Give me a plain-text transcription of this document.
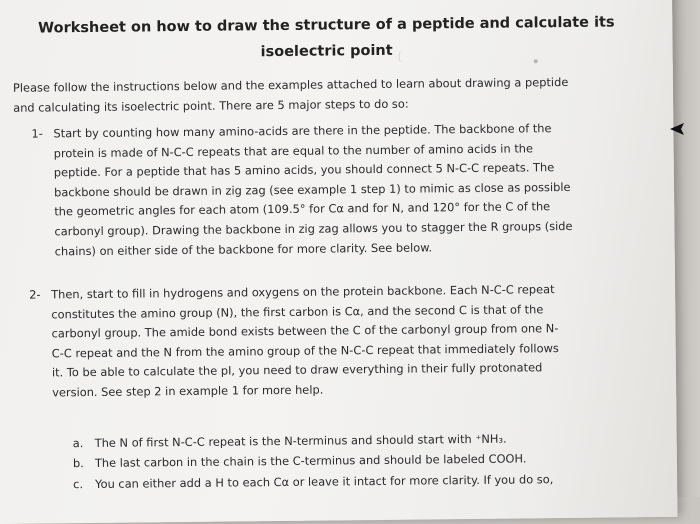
Worksheet on how to draw the structure of a peptide and calculate its
isoelectric point
Please follow the instructions below and the examples attached to learn about drawing a peptide
and calculating its isoelectric point. There are 5 major steps to do so:
1- Start by counting how many amino-acids are there in the peptide. The backbone of the
protein is made of N-C-C repeats that are equal to the number of amino acids in the
peptide. For a peptide that has 5 amino acids, you should connect 5 N-C-C repeats. The
backbone should be drawn in zig zag (see example 1 step 1) to mimic as close as possible
the geometric angles for each atom (109.5° for Cα and for N, and 120° for the C of the
carbonyl group). Drawing the backbone in zig zag allows you to stagger the R groups (side
chains) on either side of the backbone for more clarity. See below.
2- Then, start to fill in hydrogens and oxygens on the protein backbone. Each N-C-C repeat
constitutes the amino group (N), the first carbon is Cα, and the second C is that of the
carbonyl group. The amide bond exists between the C of the carbonyl group from one N-
C-C repeat and the N from the amino group of the N-C-C repeat that immediately follows
it. To be able to calculate the pI, you need to draw everything in their fully protonated
version. See step 2 in example 1 for more help.
a. The N of first N-C-C repeat is the N-terminus and should start with ⁺NH₃.
b. The last carbon in the chain is the C-terminus and should be labeled COOH.
c. You can either add a H to each Cα or leave it intact for more clarity. If you do so,
